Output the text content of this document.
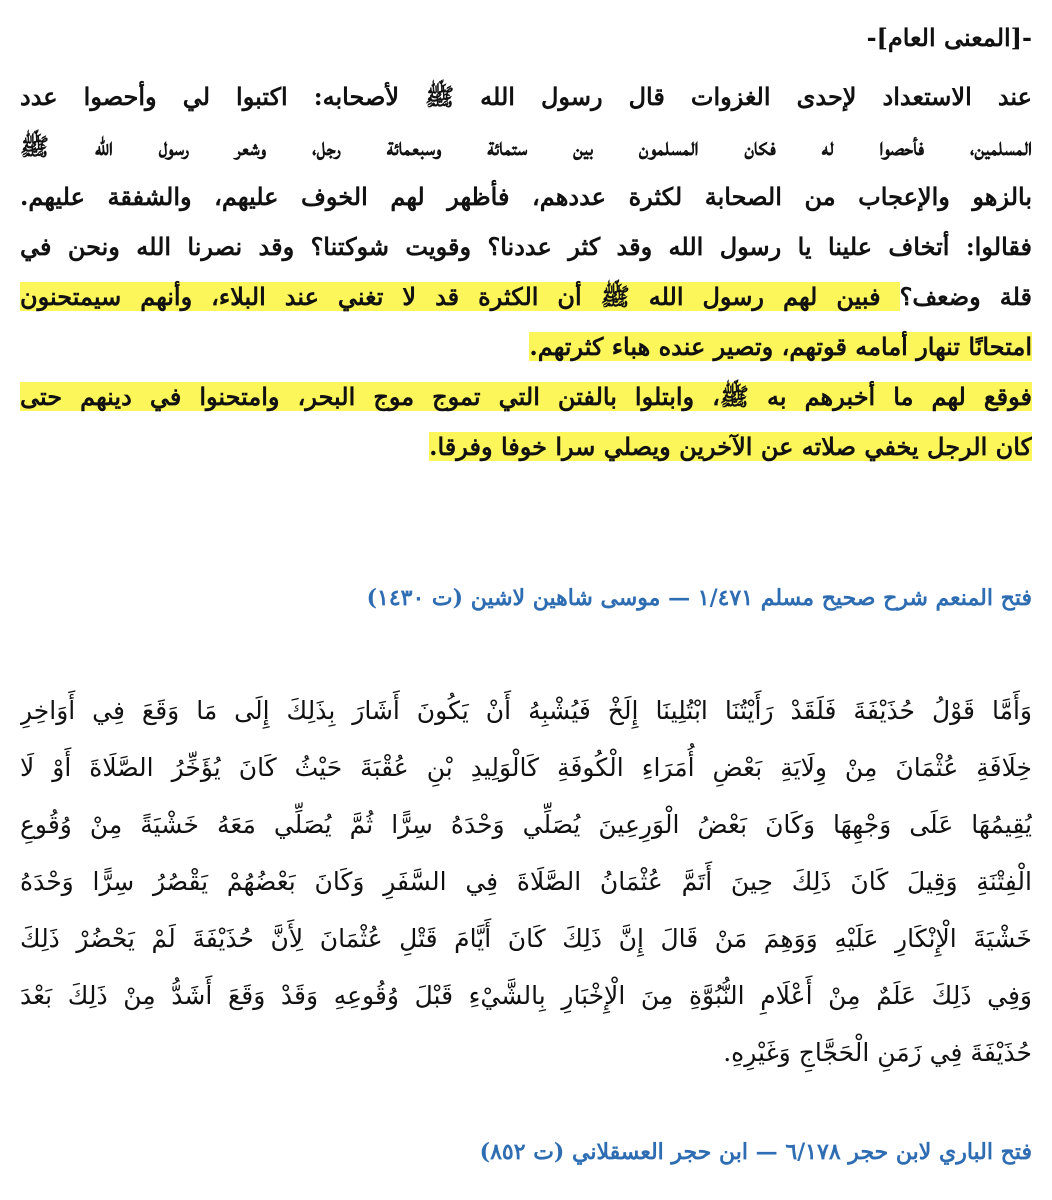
-[المعنى العام]-
عند الاستعداد لإحدى الغزوات قال رسول الله ﷺ لأصحابه: اكتبوا لي وأحصوا عدد
المسلمين، فأحصوا له فكان المسلمون بين ستمائة وسبعمائة رجل، وشعر رسول الله ﷺ
بالزهو والإعجاب من الصحابة لكثرة عددهم، فأظهر لهم الخوف عليهم، والشفقة عليهم.
فقالوا: أتخاف علينا يا رسول الله وقد كثر عددنا؟ وقويت شوكتنا؟ وقد نصرنا الله ونحن في
قلة وضعف؟ فبين لهم رسول الله ﷺ أن الكثرة قد لا تغني عند البلاء، وأنهم سيمتحنون
امتحانًا تنهار أمامه قوتهم، وتصير عنده هباء كثرتهم.
فوقع لهم ما أخبرهم به ﷺ، وابتلوا بالفتن التي تموج موج البحر، وامتحنوا في دينهم حتى
كان الرجل يخفي صلاته عن الآخرين ويصلي سرا خوفا وفرقا.
فتح المنعم شرح صحيح مسلم ١/٤٧١ — موسى شاهين لاشين (ت ١٤٣٠)
وَأَمَّا قَوْلُ حُذَيْفَةَ فَلَقَدْ رَأَيْتُنَا ابْتُلِينَا إِلَخْ فَيُشْبِهُ أَنْ يَكُونَ أَشَارَ بِذَلِكَ إِلَى مَا وَقَعَ فِي أَوَاخِرِ
خِلَافَةِ عُثْمَانَ مِنْ وِلَايَةِ بَعْضِ أُمَرَاءِ الْكُوفَةِ كَالْوَلِيدِ بْنِ عُقْبَةَ حَيْثُ كَانَ يُؤَخِّرُ الصَّلَاةَ أَوْ لَا
يُقِيمُهَا عَلَى وَجْهِهَا وَكَانَ بَعْضُ الْوَرِعِينَ يُصَلِّي وَحْدَهُ سِرًّا ثُمَّ يُصَلِّي مَعَهُ خَشْيَةً مِنْ وُقُوعِ
الْفِتْنَةِ وَقِيلَ كَانَ ذَلِكَ حِينَ أَتَمَّ عُثْمَانُ الصَّلَاةَ فِي السَّفَرِ وَكَانَ بَعْضُهُمْ يَقْصُرُ سِرًّا وَحْدَهُ
خَشْيَةَ الْإِنْكَارِ عَلَيْهِ وَوَهِمَ مَنْ قَالَ إِنَّ ذَلِكَ كَانَ أَيَّامَ قَتْلِ عُثْمَانَ لِأَنَّ حُذَيْفَةَ لَمْ يَحْضُرْ ذَلِكَ
وَفِي ذَلِكَ عَلَمٌ مِنْ أَعْلَامِ النُّبُوَّةِ مِنَ الْإِخْبَارِ بِالشَّيْءِ قَبْلَ وُقُوعِهِ وَقَدْ وَقَعَ أَشَدُّ مِنْ ذَلِكَ بَعْدَ
حُذَيْفَةَ فِي زَمَنِ الْحَجَّاجِ وَغَيْرِهِ.
فتح الباري لابن حجر ٦/١٧٨ — ابن حجر العسقلاني (ت ٨٥٢)
